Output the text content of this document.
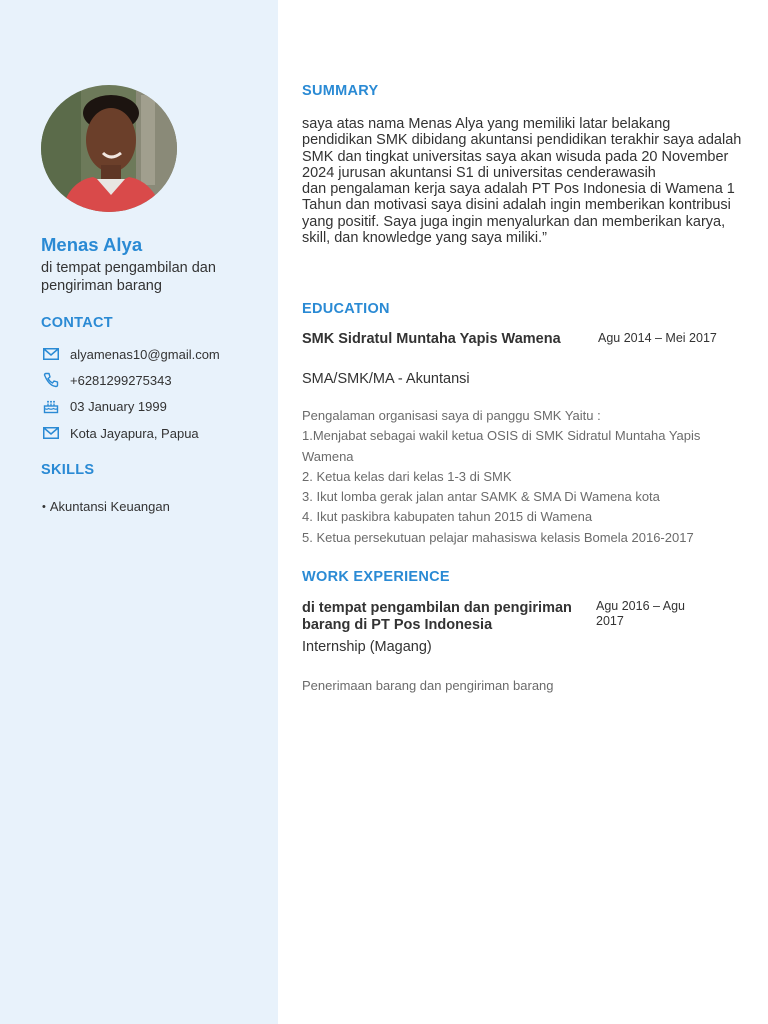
Menas Alya
di tempat pengambilan dan pengiriman barang
CONTACT
alyamenas10@gmail.com
+6281299275343
03 January 1999
Kota Jayapura, Papua
SKILLS
• Akuntansi Keuangan
SUMMARY

saya atas nama Menas Alya yang memiliki latar belakang pendidikan SMK dibidang akuntansi pendidikan terakhir saya adalah SMK dan tingkat universitas saya akan wisuda pada 20 November 2024 jurusan akuntansi S1 di universitas cenderawasih

dan pengalaman kerja saya adalah PT Pos Indonesia di Wamena 1 Tahun dan motivasi saya disini adalah ingin memberikan kontribusi yang positif. Saya juga ingin menyalurkan dan memberikan karya, skill, dan knowledge yang saya miliki.”

EDUCATION
SMK Sidratul Muntaha Yapis Wamena	Agu 2014 – Mei 2017
SMA/SMK/MA - Akuntansi
Pengalaman organisasi saya di panggu SMK Yaitu :
1.Menjabat sebagai wakil ketua OSIS di SMK Sidratul Muntaha Yapis Wamena
2. Ketua kelas dari kelas 1-3 di SMK
3. Ikut lomba gerak jalan antar SAMK & SMA Di Wamena kota
4. Ikut paskibra kabupaten tahun 2015 di Wamena
5. Ketua persekutuan pelajar mahasiswa kelasis Bomela 2016-2017
WORK EXPERIENCE
di tempat pengambilan dan pengiriman barang di PT Pos Indonesia
Agu 2016 – Agu 2017
Internship (Magang)
Penerimaan barang dan pengiriman barang
